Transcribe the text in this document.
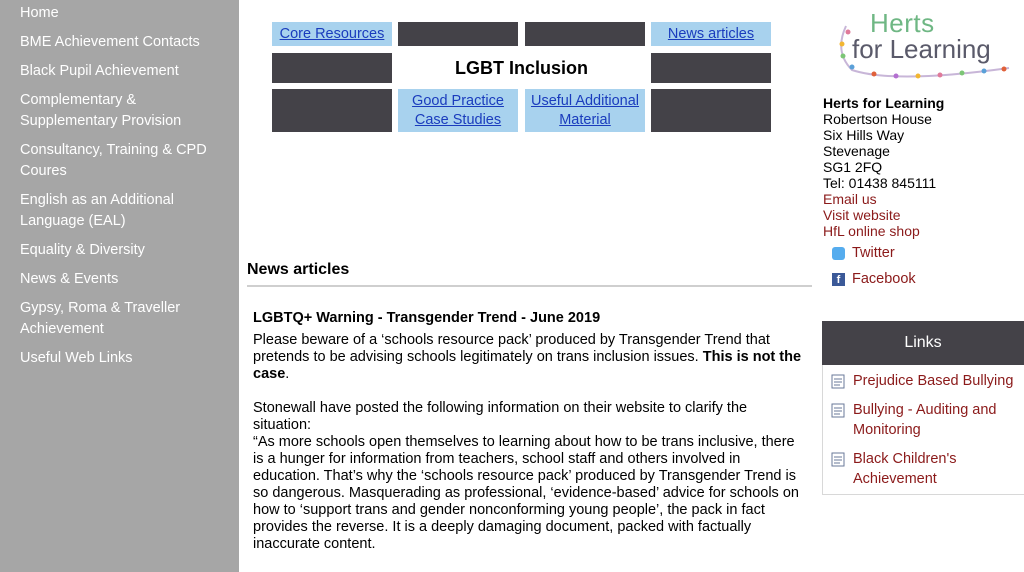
Home
BME Achievement Contacts
Black Pupil Achievement
Complementary & Supplementary Provision
Consultancy, Training & CPD Coures
English as an Additional Language (EAL)
Equality & Diversity
News & Events
Gypsy, Roma & Traveller Achievement
Useful Web Links
Core Resources	News articles
LGBT Inclusion
Good Practice Case Studies
Useful Additional Material
News articles
LGBTQ+ Warning - Transgender Trend - June 2019

Please beware of a ‘schools resource pack’ produced by Transgender Trend that pretends to be advising schools legitimately on trans inclusion issues. This is not the case.

Stonewall have posted the following information on their website to clarify the situation:
“As more schools open themselves to learning about how to be trans inclusive, there is a hunger for information from teachers, school staff and others involved in education. That’s why the ‘schools resource pack’ produced by Transgender Trend is so dangerous. Masquerading as professional, ‘evidence-based’ advice for schools on how to ‘support trans and gender nonconforming young people’, the pack in fact provides the reverse. It is a deeply damaging document, packed with factually inaccurate content.

Herts
for Learning
Herts for Learning
Robertson House
Six Hills Way
Stevenage
SG1 2FQ
Tel: 01438 845111
Email us
Visit website
HfL online shop
Twitter
f Facebook
Links
Prejudice Based Bullying
Bullying - Auditing and Monitoring
Black Children's Achievement
